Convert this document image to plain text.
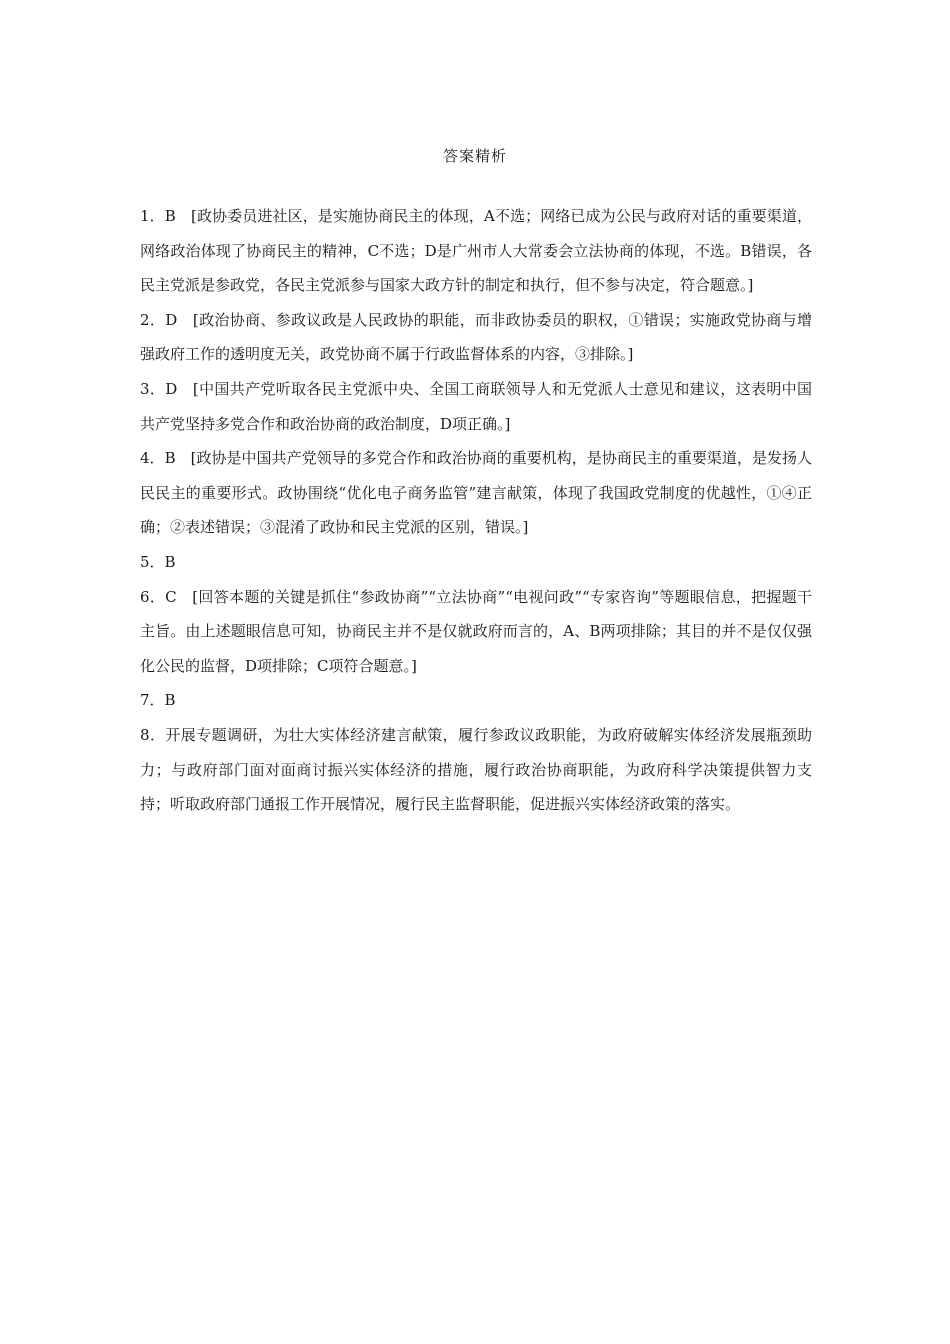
答案精析

1．B　[政协委员进社区，是实施协商民主的体现，A不选；网络已成为公民与政府对话的重要渠道，网络政治体现了协商民主的精神，C不选；D是广州市人大常委会立法协商的体现，不选。B错误，各民主党派是参政党，各民主党派参与国家大政方针的制定和执行，但不参与决定，符合题意。]

2．D　[政治协商、参政议政是人民政协的职能，而非政协委员的职权，①错误；实施政党协商与增强政府工作的透明度无关，政党协商不属于行政监督体系的内容，③排除。]

3．D　[中国共产党听取各民主党派中央、全国工商联领导人和无党派人士意见和建议，这表明中国共产党坚持多党合作和政治协商的政治制度，D项正确。]

4．B　[政协是中国共产党领导的多党合作和政治协商的重要机构，是协商民主的重要渠道，是发扬人民民主的重要形式。政协围绕“优化电子商务监管”建言献策，体现了我国政党制度的优越性，①④正确；②表述错误；③混淆了政协和民主党派的区别，错误。]

5．B

6．C　[回答本题的关键是抓住“参政协商”“立法协商”“电视问政”“专家咨询”等题眼信息，把握题干主旨。由上述题眼信息可知，协商民主并不是仅就政府而言的，A、B两项排除；其目的并不是仅仅强化公民的监督，D项排除；C项符合题意。]

7．B

8．开展专题调研，为壮大实体经济建言献策，履行参政议政职能，为政府破解实体经济发展瓶颈助力；与政府部门面对面商讨振兴实体经济的措施，履行政治协商职能，为政府科学决策提供智力支持；听取政府部门通报工作开展情况，履行民主监督职能，促进振兴实体经济政策的落实。
